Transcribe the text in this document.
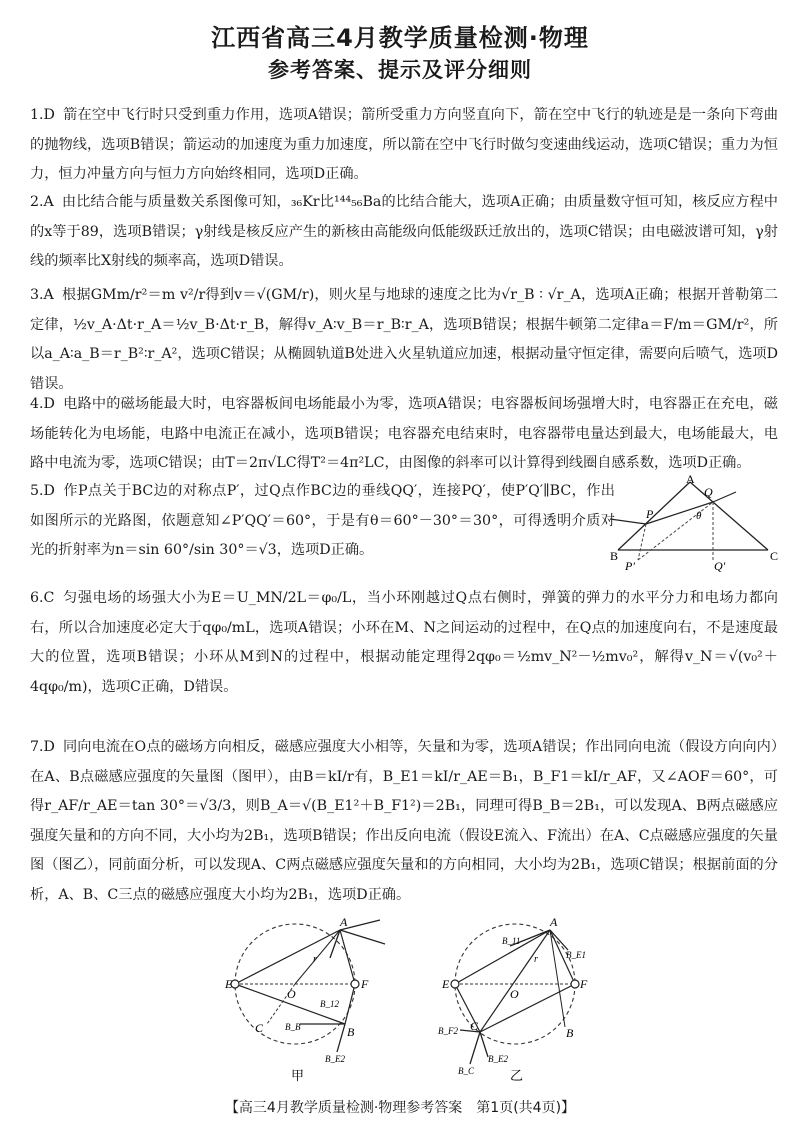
江西省高三4月教学质量检测·物理
参考答案、提示及评分细则

1.D 箭在空中飞行时只受到重力作用，选项A错误；箭所受重力方向竖直向下，箭在空中飞行的轨迹是是一条向下弯曲的抛物线，选项B错误；箭运动的加速度为重力加速度，所以箭在空中飞行时做匀变速曲线运动，选项C错误；重力为恒力，恒力冲量方向与恒力方向始终相同，选项D正确。

2.A 由比结合能与质量数关系图像可知，₃₆Kr比¹⁴⁴₅₆Ba的比结合能大，选项A正确；由质量数守恒可知，核反应方程中的x等于89，选项B错误；γ射线是核反应产生的新核由高能级向低能级跃迁放出的，选项C错误；由电磁波谱可知，γ射线的频率比X射线的频率高，选项D错误。

3.A 根据GMm/r²＝m v²/r得到v＝√(GM/r)，则火星与地球的速度之比为√r_B ∶ √r_A，选项A正确；根据开普勒第二定律，½v_A·Δt·r_A＝½v_B·Δt·r_B，解得v_A∶v_B＝r_B∶r_A，选项B错误；根据牛顿第二定律a＝F/m＝GM/r²，所以a_A∶a_B＝r_B²∶r_A²，选项C错误；从椭圆轨道B处进入火星轨道应加速，根据动量守恒定律，需要向后喷气，选项D错误。

4.D 电路中的磁场能最大时，电容器板间电场能最小为零，选项A错误；电容器板间场强增大时，电容器正在充电，磁场能转化为电场能，电路中电流正在减小，选项B错误；电容器充电结束时，电容器带电量达到最大，电场能最大，电路中电流为零，选项C错误；由T＝2π√LC得T²＝4π²LC，由图像的斜率可以计算得到线圈自感系数，选项D正确。

5.D 作P点关于BC边的对称点P′，过Q点作BC边的垂线QQ′，连接PQ′，使P′Q′∥BC，作出如图所示的光路图，依题意知∠P′QQ′＝60°，于是有θ＝60°－30°＝30°，可得透明介质对光的折射率为n＝sin 60°/sin 30°＝√3，选项D正确。

A
B	C
P
Q
P′	Q′
θ

6.C 匀强电场的场强大小为E＝U_MN/2L＝φ₀/L，当小环刚越过Q点右侧时，弹簧的弹力的水平分力和电场力都向右，所以合加速度必定大于qφ₀/mL，选项A错误；小环在M、N之间运动的过程中，在Q点的加速度向右，不是速度最大的位置，选项B错误；小环从M到N的过程中，根据动能定理得2qφ₀＝½mv_N²－½mv₀²，解得v_N＝√(v₀²＋4qφ₀/m)，选项C正确，D错误。

7.D 同向电流在O点的磁场方向相反，磁感应强度大小相等，矢量和为零，选项A错误；作出同向电流（假设方向向内）在A、B点磁感应强度的矢量图（图甲），由B＝kI/r有，B_E1＝kI/r_AE＝B₁，B_F1＝kI/r_AF，又∠AOF＝60°，可得r_AF/r_AE＝tan 30°＝√3/3，则B_A＝√(B_E1²＋B_F1²)＝2B₁，同理可得B_B＝2B₁，可以发现A、B两点磁感应强度矢量和的方向不同，大小均为2B₁，选项B错误；作出反向电流（假设E流入、F流出）在A、C点磁感应强度的矢量图（图乙），同前面分析，可以发现A、C两点磁感应强度矢量和的方向相同，大小均为2B₁，选项C错误；根据前面的分析，A、B、C三点的磁感应强度大小均为2B₁，选项D正确。

A
B
C
E	F
O
r
B_12
B_B
B_E2
甲
A
B
C
E	F
O
r
B_11
B_E1
B_F2
B_E2
B_C	乙
【高三4月教学质量检测·物理参考答案　第1页(共4页)】
